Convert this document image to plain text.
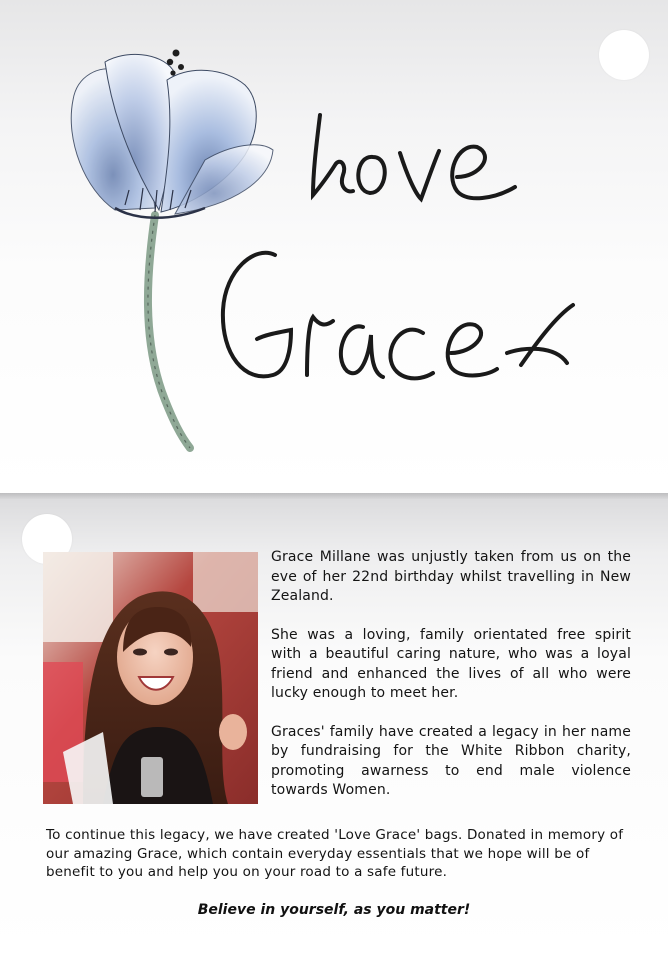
Grace Millane was unjustly taken from us on the eve of her 22nd birthday whilst travelling in New Zealand.

She was a loving, family orientated free spirit with a beautiful caring nature, who was a loyal friend and enhanced the lives of all who were lucky enough to meet her.

Graces' family have created a legacy in her name by fundraising for the White Ribbon charity, promoting awarness to end male violence towards Women.

To continue this legacy, we have created 'Love Grace' bags. Donated in memory of our amazing Grace, which contain everyday essentials that we hope will be of benefit to you and help you on your road to a safe future.

Believe in yourself, as you matter!
